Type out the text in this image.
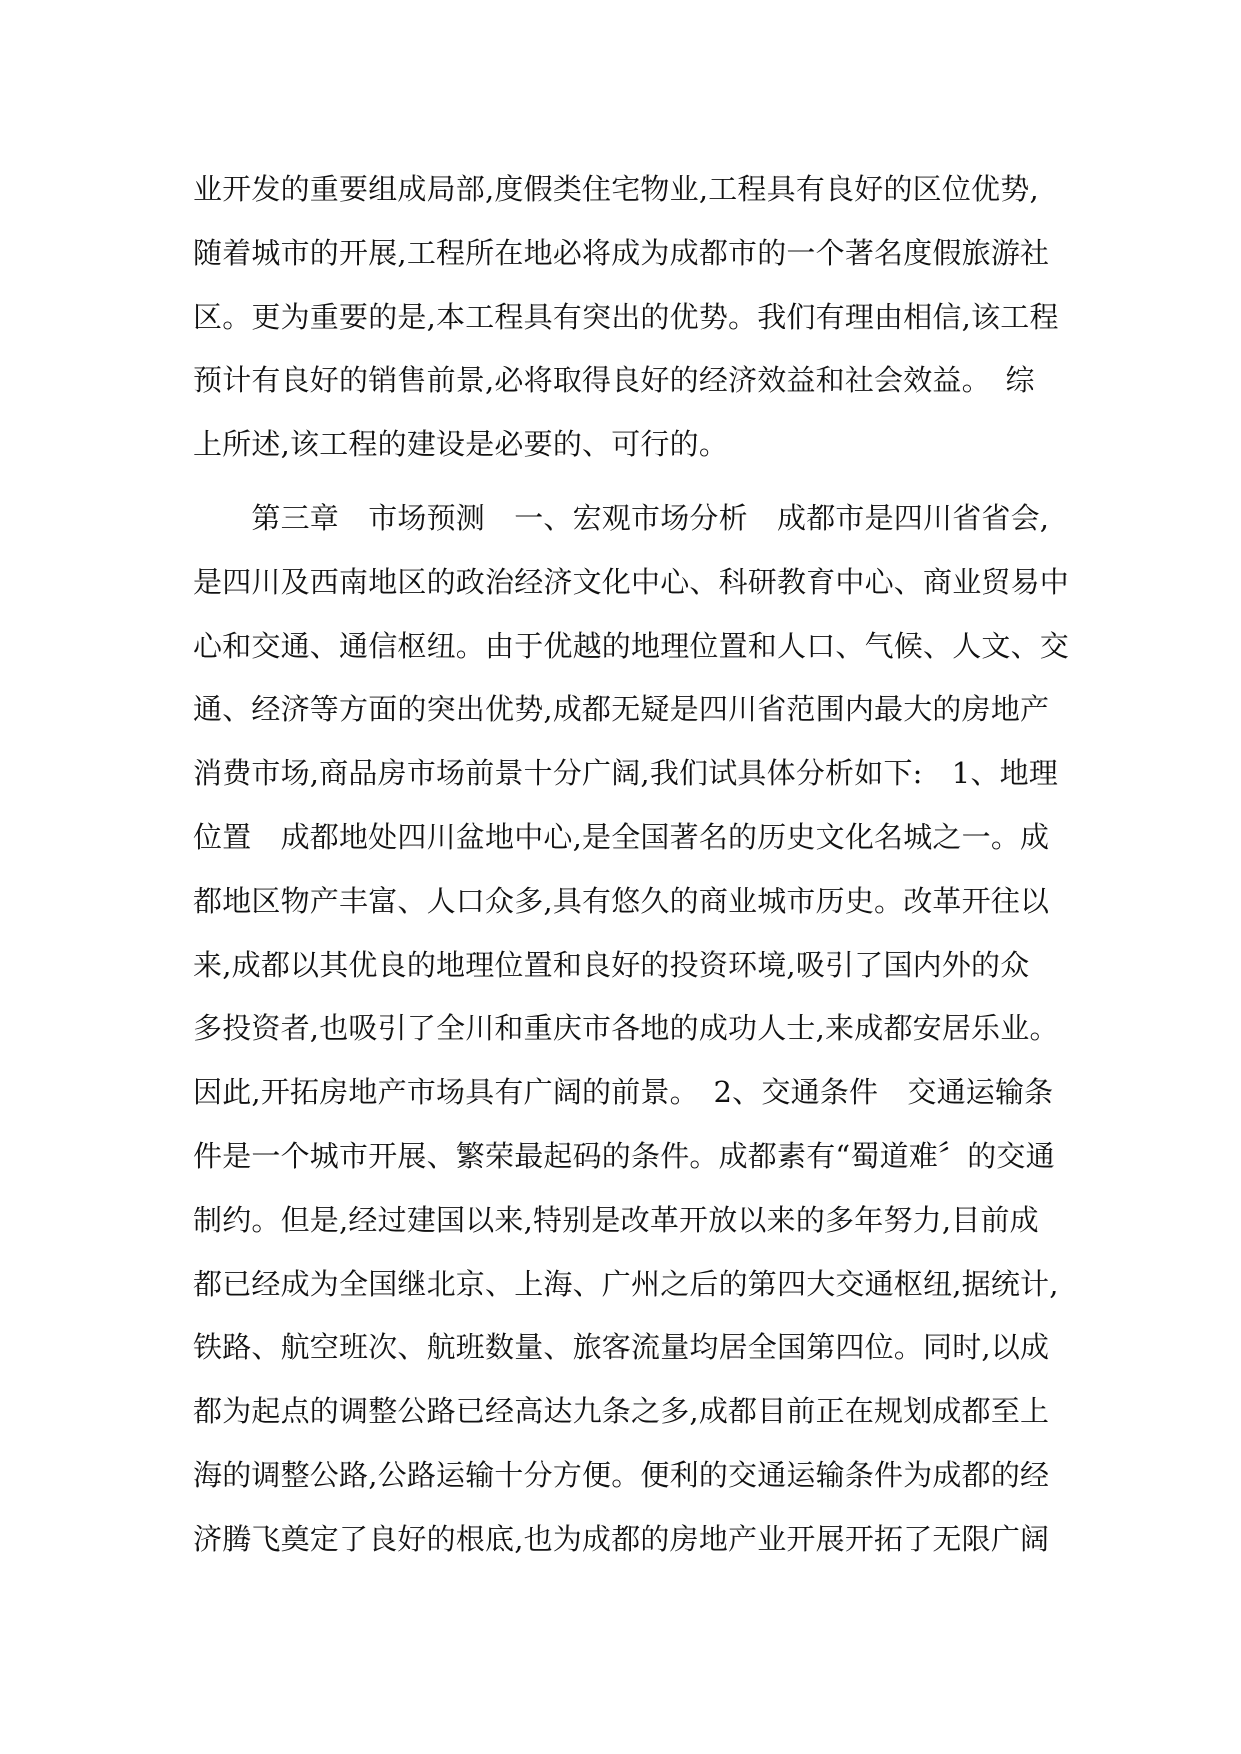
业开发的重要组成局部,度假类住宅物业,工程具有良好的区位优势,
随着城市的开展,工程所在地必将成为成都市的一个著名度假旅游社
区。更为重要的是,本工程具有突出的优势。我们有理由相信,该工程
预计有良好的销售前景,必将取得良好的经济效益和社会效益。　综
上所述,该工程的建设是必要的、可行的。
　　第三章　市场预测　一、宏观市场分析　成都市是四川省省会,
是四川及西南地区的政治经济文化中心、科研教育中心、商业贸易中
心和交通、通信枢纽。由于优越的地理位置和人口、气候、人文、交
通、经济等方面的突出优势,成都无疑是四川省范围内最大的房地产
消费市场,商品房市场前景十分广阔,我们试具体分析如下:　1、地理
位置　成都地处四川盆地中心,是全国著名的历史文化名城之一。成
都地区物产丰富、人口众多,具有悠久的商业城市历史。改革开往以
来,成都以其优良的地理位置和良好的投资环境,吸引了国内外的众
多投资者,也吸引了全川和重庆市各地的成功人士,来成都安居乐业。
因此,开拓房地产市场具有广阔的前景。　2、交通条件　交通运输条
件是一个城市开展、繁荣最起码的条件。成都素有“蜀道难〞的交通
制约。但是,经过建国以来,特别是改革开放以来的多年努力,目前成
都已经成为全国继北京、上海、广州之后的第四大交通枢纽,据统计,
铁路、航空班次、航班数量、旅客流量均居全国第四位。同时,以成
都为起点的调整公路已经高达九条之多,成都目前正在规划成都至上
海的调整公路,公路运输十分方便。便利的交通运输条件为成都的经
济腾飞奠定了良好的根底,也为成都的房地产业开展开拓了无限广阔
